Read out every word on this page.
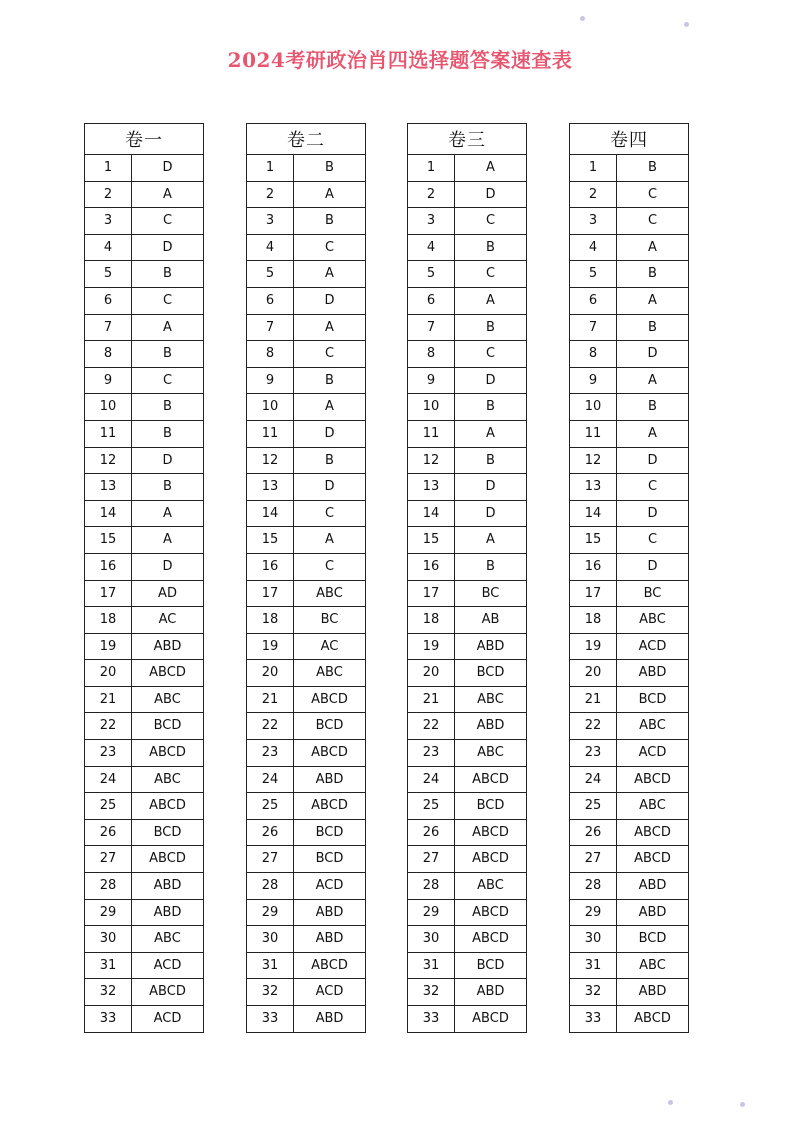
2024考研政治肖四选择题答案速查表
卷一	
1	D
2	A
3	C
4	D
5	B
6	C
7	A
8	B
9	C
10	B
11	B
12	D
13	B
14	A
15	A
16	D
17	AD
18	AC
19	ABD
20	ABCD
21	ABC
22	BCD
23	ABCD
24	ABC
25	ABCD
26	BCD
27	ABCD
28	ABD
29	ABD
30	ABC
31	ACD
32	ABCD
33	ACD
卷二	
1	B
2	A
3	B
4	C
5	A
6	D
7	A
8	C
9	B
10	A
11	D
12	B
13	D
14	C
15	A
16	C
17	ABC
18	BC
19	AC
20	ABC
21	ABCD
22	BCD
23	ABCD
24	ABD
25	ABCD
26	BCD
27	BCD
28	ACD
29	ABD
30	ABD
31	ABCD
32	ACD
33	ABD
卷三	
1	A
2	D
3	C
4	B
5	C
6	A
7	B
8	C
9	D
10	B
11	A
12	B
13	D
14	D
15	A
16	B
17	BC
18	AB
19	ABD
20	BCD
21	ABC
22	ABD
23	ABC
24	ABCD
25	BCD
26	ABCD
27	ABCD
28	ABC
29	ABCD
30	ABCD
31	BCD
32	ABD
33	ABCD
卷四	
1	B
2	C
3	C
4	A
5	B
6	A
7	B
8	D
9	A
10	B
11	A
12	D
13	C
14	D
15	C
16	D
17	BC
18	ABC
19	ACD
20	ABD
21	BCD
22	ABC
23	ACD
24	ABCD
25	ABC
26	ABCD
27	ABCD
28	ABD
29	ABD
30	BCD
31	ABC
32	ABD
33	ABCD
